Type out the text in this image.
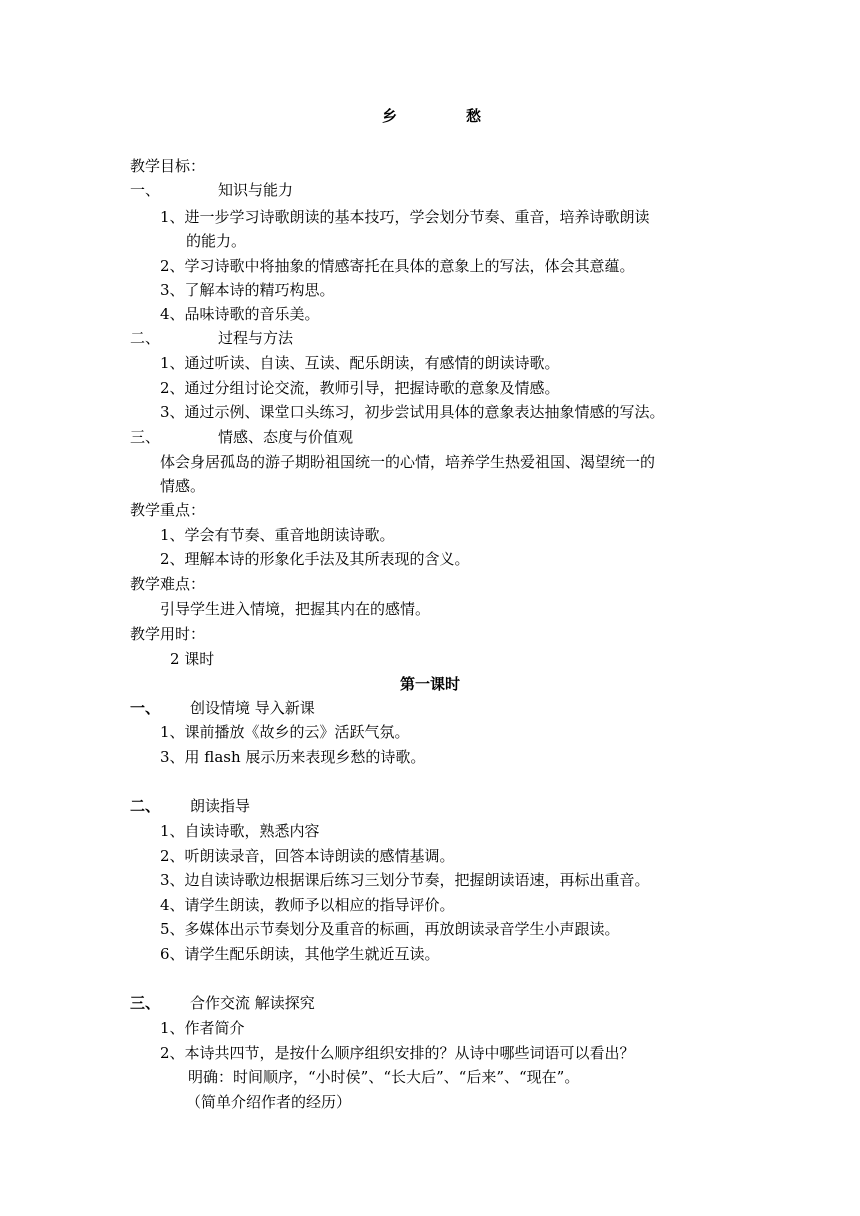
乡	愁
教学目标：
一、	知识与能力
1、进一步学习诗歌朗读的基本技巧，学会划分节奏、重音，培养诗歌朗读
的能力。
2、学习诗歌中将抽象的情感寄托在具体的意象上的写法，体会其意蕴。
3、了解本诗的精巧构思。
4、品味诗歌的音乐美。
二、	过程与方法
1、通过听读、自读、互读、配乐朗读，有感情的朗读诗歌。
2、通过分组讨论交流，教师引导，把握诗歌的意象及情感。
3、通过示例、课堂口头练习，初步尝试用具体的意象表达抽象情感的写法。
三、	情感、态度与价值观
体会身居孤岛的游子期盼祖国统一的心情，培养学生热爱祖国、渴望统一的
情感。
教学重点：
1、学会有节奏、重音地朗读诗歌。
2、理解本诗的形象化手法及其所表现的含义。
教学难点：
引导学生进入情境，把握其内在的感情。
教学用时：
2 课时
第一课时
一、 创设情境 导入新课
1、课前播放《故乡的云》活跃气氛。
3、用 flash 展示历来表现乡愁的诗歌。
二、 朗读指导
1、自读诗歌，熟悉内容
2、听朗读录音，回答本诗朗读的感情基调。
3、边自读诗歌边根据课后练习三划分节奏，把握朗读语速，再标出重音。
4、请学生朗读，教师予以相应的指导评价。
5、多媒体出示节奏划分及重音的标画，再放朗读录音学生小声跟读。
6、请学生配乐朗读，其他学生就近互读。
三、 合作交流 解读探究
1、作者简介
2、本诗共四节，是按什么顺序组织安排的？从诗中哪些词语可以看出？
明确：时间顺序，“小时侯”、“长大后”、“后来”、“现在”。
（简单介绍作者的经历）
